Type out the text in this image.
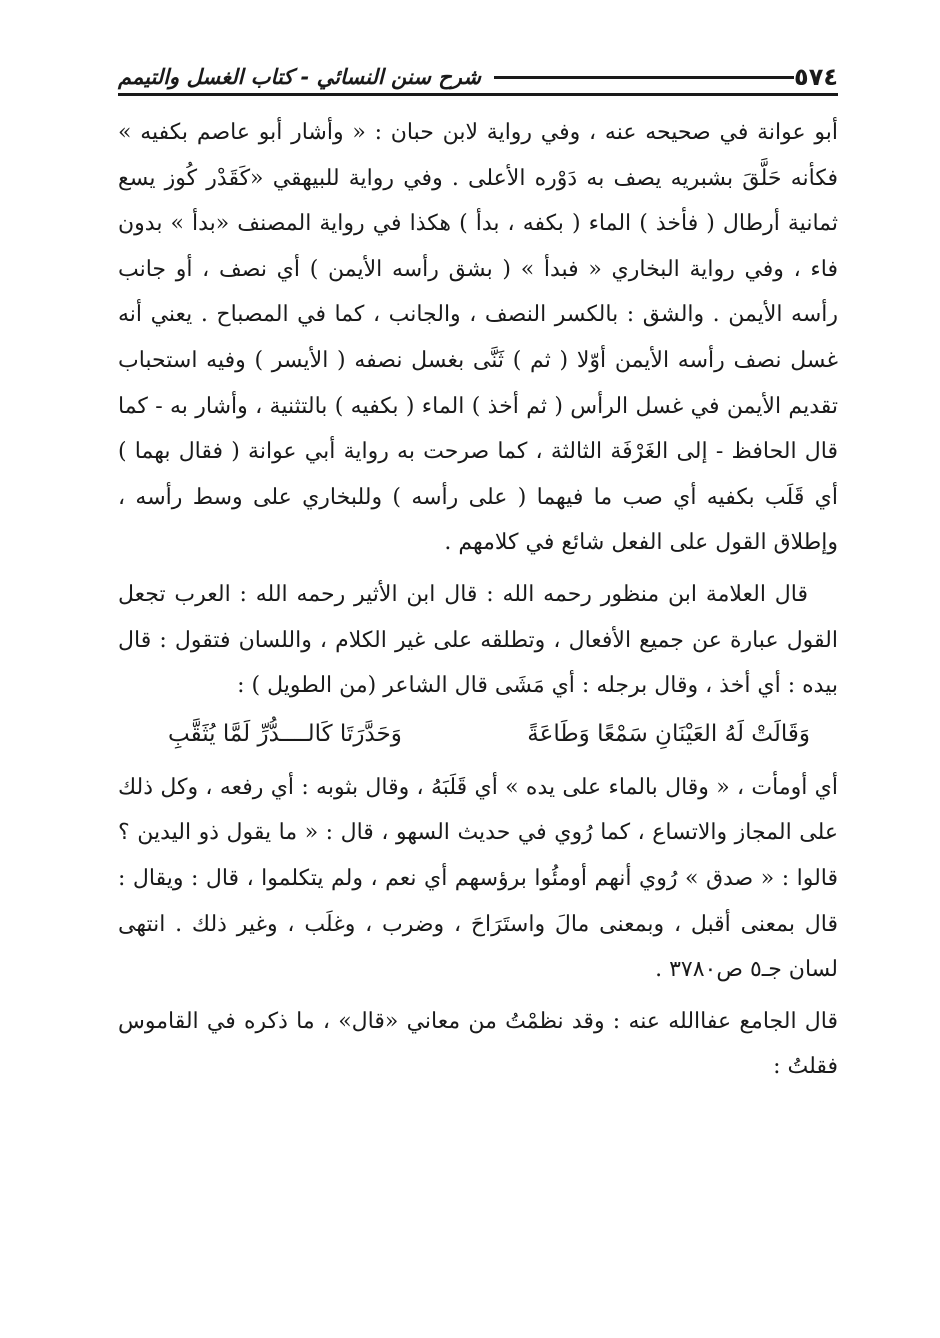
٥٧٤
شرح سنن النسائي - كتاب الغسل والتيمم

أبو عوانة في صحيحه عنه ، وفي رواية لابن حبان : « وأشار أبو عاصم بكفيه » فكأنه حَلَّقَ بشبريه يصف به دَوْره الأعلى . وفي رواية للبيهقي «كَقَدْر كُوز يسع ثمانية أرطال ( فأخذ ) الماء ( بكفه ، بدأ ) هكذا في رواية المصنف «بدأ » بدون فاء ، وفي رواية البخاري « فبدأ » ( بشق رأسه الأيمن ) أي نصف ، أو جانب رأسه الأيمن . والشق : بالكسر النصف ، والجانب ، كما في المصباح . يعني أنه غسل نصف رأسه الأيمن أوّلا ( ثم ) ثَنَّى بغسل نصفه ( الأيسر ) وفيه استحباب تقديم الأيمن في غسل الرأس ( ثم أخذ ) الماء ( بكفيه ) بالتثنية ، وأشار به - كما قال الحافظ - إلى الغَرْفَة الثالثة ، كما صرحت به رواية أبي عوانة ( فقال بهما ) أي قَلَب بكفيه أي صب ما فيهما ( على رأسه ) وللبخاري على وسط رأسه ، وإطلاق القول على الفعل شائع في كلامهم .

قال العلامة ابن منظور رحمه الله : قال ابن الأثير رحمه الله : العرب تجعل القول عبارة عن جميع الأفعال ، وتطلقه على غير الكلام ، واللسان فتقول : قال بيده : أي أخذ ، وقال برجله : أي مَشَى قال الشاعر (من الطويل ) :

وَقَالَتْ لَهُ العَيْنَانِ سَمْعًا وَطَاعَةً
وَحَدَّرَتَا كَالــــدُّرِّ لَمَّا يُثَقَّبِ

أي أومأت ، « وقال بالماء على يده » أي قَلَبَهُ ، وقال بثوبه : أي رفعه ، وكل ذلك على المجاز والاتساع ، كما رُوي في حديث السهو ، قال : « ما يقول ذو اليدين ؟ قالوا : « صدق » رُوي أنهم أومئُوا برؤسهم أي نعم ، ولم يتكلموا ، قال : ويقال : قال بمعنى أقبل ، وبمعنى مالَ واستَرَاحَ ، وضرب ، وغلَب ، وغير ذلك . انتهى لسان جـ٥ ص٣٧٨٠ .

قال الجامع عفاالله عنه : وقد نظمْتُ من معاني «قال» ، ما ذكره في القاموس فقلتُ :
